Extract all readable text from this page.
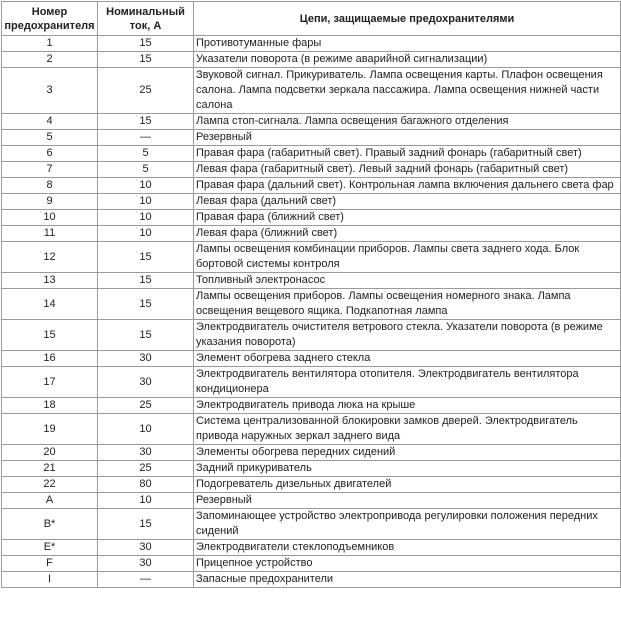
Номер предохранителя	Номинальный ток, А	Цепи, защищаемые предохранителями
1	15	Противотуманные фары
2	15	Указатели поворота (в режиме аварийной сигнализации)
3	25	Звуковой сигнал. Прикуриватель. Лампа освещения карты. Плафон освещения салона. Лампа подсветки зеркала пассажира. Лампа освещения нижней части салона
4	15	Лампа стоп-сигнала. Лампа освещения багажного отделения
5	—	Резервный
6	5	Правая фара (габаритный свет). Правый задний фонарь (габаритный свет)
7	5	Левая фара (габаритный свет). Левый задний фонарь (габаритный свет)
8	10	Правая фара (дальний свет). Контрольная лампа включения дальнего света фар
9	10	Левая фара (дальний свет)
10	10	Правая фара (ближний свет)
11	10	Левая фара (ближний свет)
12	15	Лампы освещения комбинации приборов. Лампы света заднего хода. Блок бортовой системы контроля
13	15	Топливный электронасос
14	15	Лампы освещения приборов. Лампы освещения номерного знака. Лампа освещения вещевого ящика. Подкапотная лампа
15	15	Электродвигатель очистителя ветрового стекла. Указатели поворота (в режиме указания поворота)
16	30	Элемент обогрева заднего стекла
17	30	Электродвигатель вентилятора отопителя. Электродвигатель вентилятора кондиционера
18	25	Электродвигатель привода люка на крыше
19	10	Система централизованной блокировки замков дверей. Электродвигатель привода наружных зеркал заднего вида
20	30	Элементы обогрева передних сидений
21	25	Задний прикуриватель
22	80	Подогреватель дизельных двигателей
A	10	Резервный
B*	15	Запоминающее устройство электропривода регулировки положения передних сидений
E*	30	Электродвигатели стеклоподъемников
F	30	Прицепное устройство
I	—	Запасные предохранители
